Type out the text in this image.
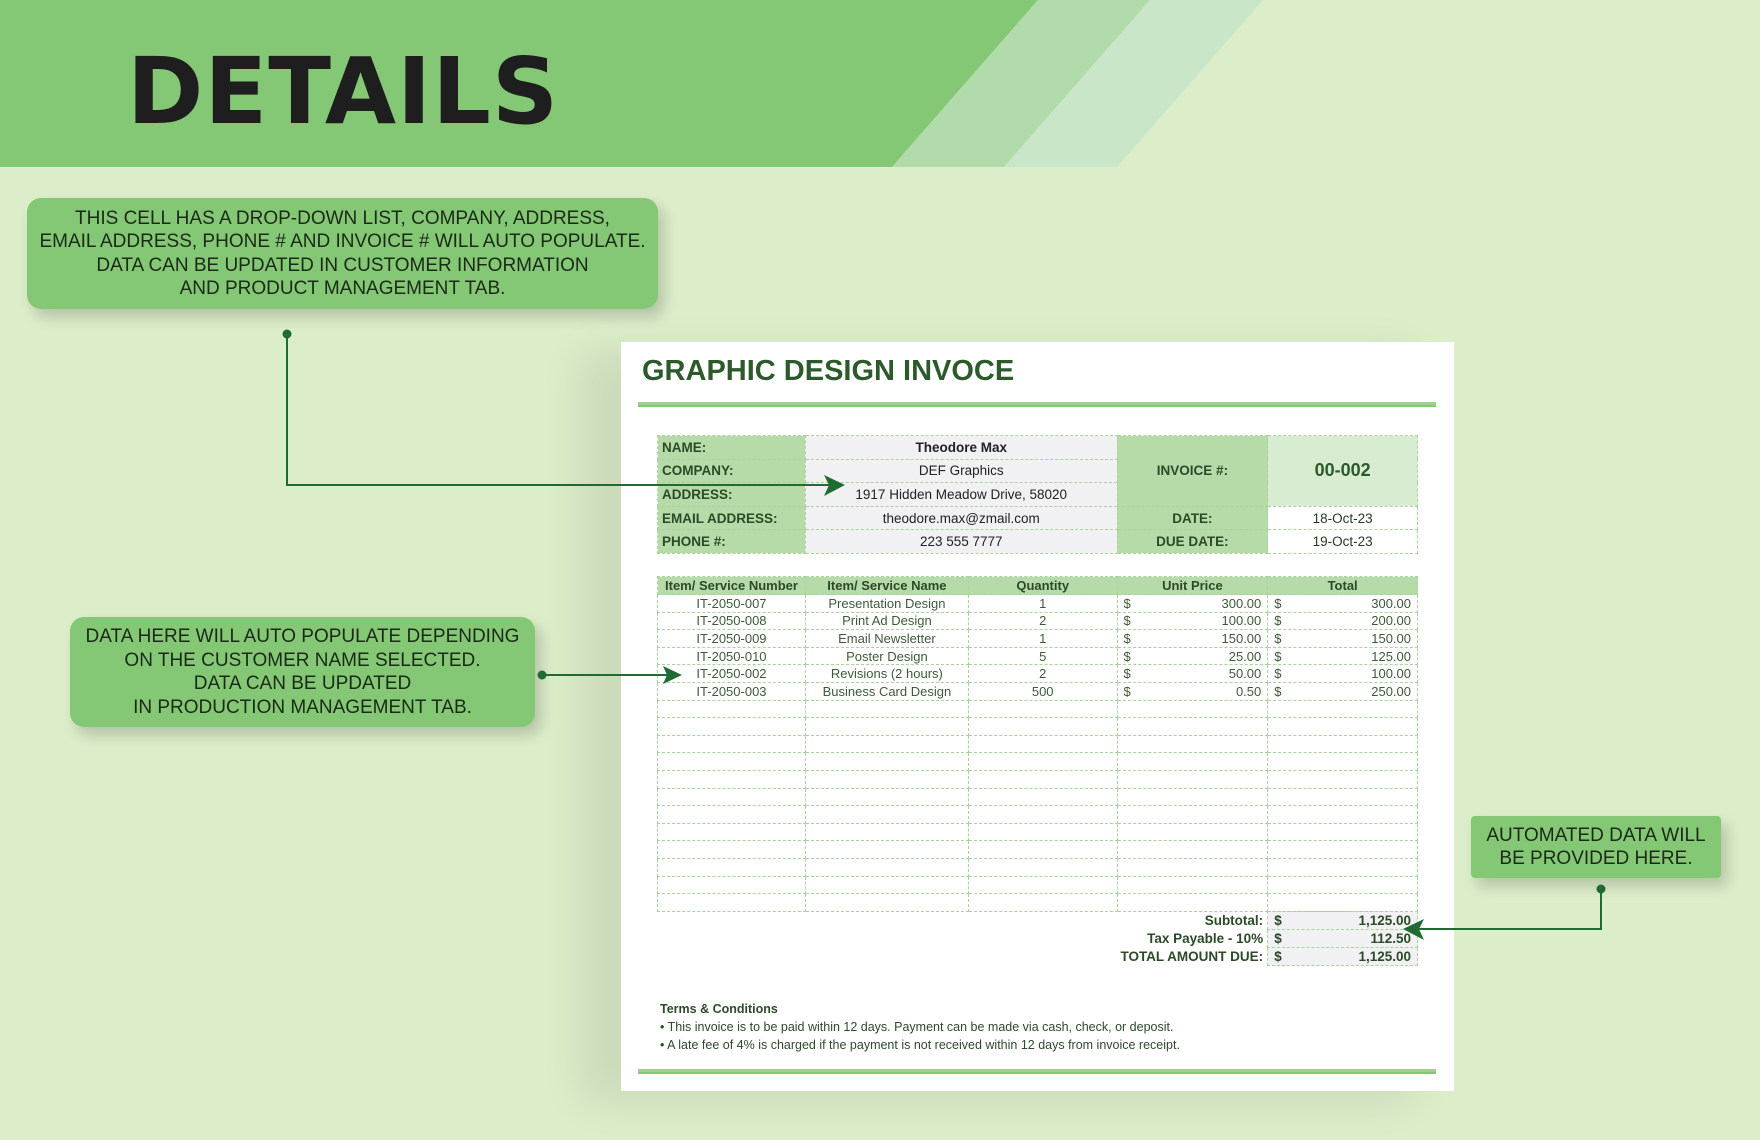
DETAILS
THIS CELL HAS A DROP-DOWN LIST, COMPANY, ADDRESS,
EMAIL ADDRESS, PHONE # AND INVOICE # WILL AUTO POPULATE.
DATA CAN BE UPDATED IN CUSTOMER INFORMATION
AND PRODUCT MANAGEMENT TAB.
DATA HERE WILL AUTO POPULATE DEPENDING
ON THE CUSTOMER NAME SELECTED.
DATA CAN BE UPDATED
IN PRODUCTION MANAGEMENT TAB.
AUTOMATED DATA WILL
BE PROVIDED HERE.
GRAPHIC DESIGN INVOCE
NAME:	Theodore Max	INVOICE #:	00-002
COMPANY:	DEF Graphics		
ADDRESS:	1917 Hidden Meadow Drive, 58020		
EMAIL ADDRESS:	theodore.max@zmail.com	DATE:	18-Oct-23
PHONE #:	223 555 7777	DUE DATE:	19-Oct-23
Item/ Service Number	Item/ Service Name	Quantity	Unit Price	Total
IT-2050-007	Presentation Design	1	$ 300.00	$ 300.00

IT-2050-008	Print Ad Design	2	$ 100.00	$ 200.00

IT-2050-009	Email Newsletter	1	$ 150.00	$ 150.00

IT-2050-010	Poster Design	5	$ 25.00	$ 125.00

IT-2050-002	Revisions (2 hours)	2	$ 50.00	$ 100.00

IT-2050-003	Business Card Design	500	$ 0.50	$ 250.00

Subtotal:	$ 1,125.00

Tax Payable - 10%	$ 112.50

TOTAL AMOUNT DUE:	$ 1,125.00
Terms & Conditions
• This invoice is to be paid within 12 days. Payment can be made via cash, check, or deposit.
• A late fee of 4% is charged if the payment is not received within 12 days from invoice receipt.
